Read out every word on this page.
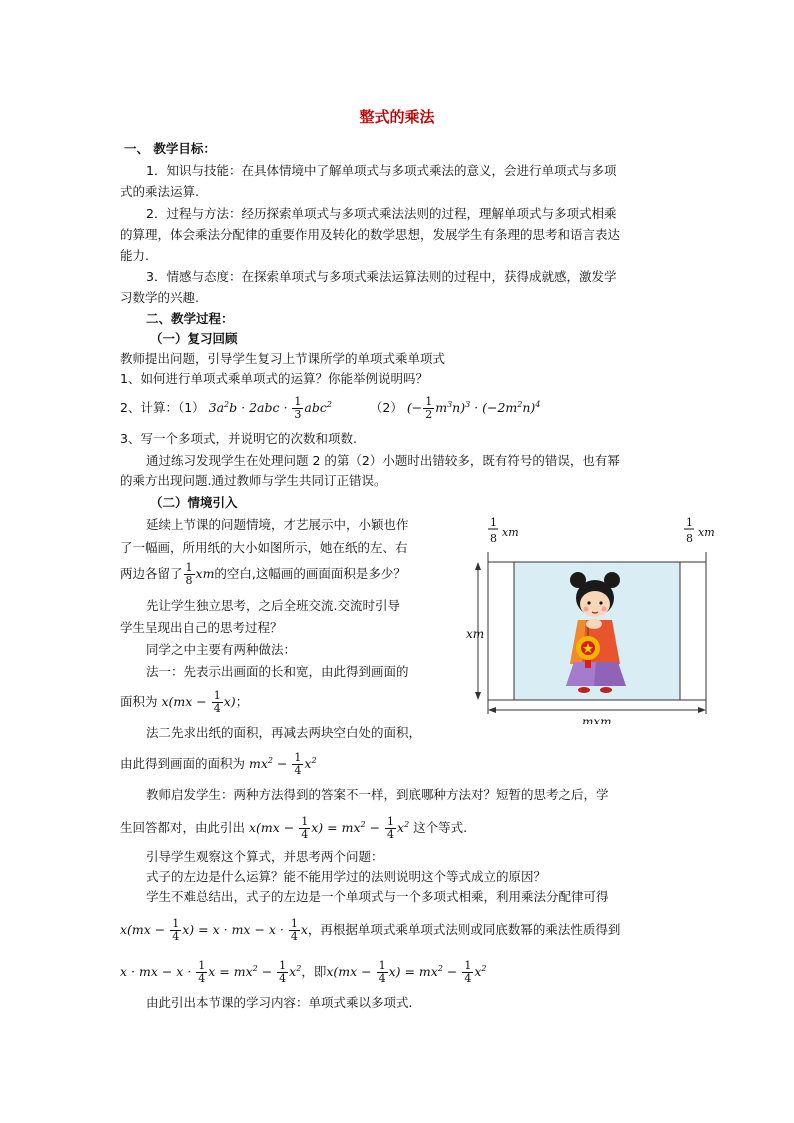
整式的乘法
一、 教学目标：
1．知识与技能：在具体情境中了解单项式与多项式乘法的意义，会进行单项式与多项
式的乘法运算.
2．过程与方法：经历探索单项式与多项式乘法法则的过程，理解单项式与多项式相乘
的算理，体会乘法分配律的重要作用及转化的数学思想，发展学生有条理的思考和语言表达
能力.
3．情感与态度：在探索单项式与多项式乘法运算法则的过程中，获得成就感，激发学
习数学的兴趣.
二、教学过程：
（一）复习回顾
教师提出问题，引导学生复习上节课所学的单项式乘单项式
1、如何进行单项式乘单项式的运算？你能举例说明吗？
2、计算：（1） $3a^2b \cdot 2abc \cdot \frac{1}{3} abc^2$	（2） (− $\frac{1}{2} m^3n)^3 \cdot (-2m^2n)^4$
3、写一个多项式，并说明它的次数和项数.
通过练习发现学生在处理问题 2 的第（2）小题时出错较多，既有符号的错误，也有幂
的乘方出现问题.通过教师与学生共同订正错误。
（二）情境引入
延续上节课的问题情境，才艺展示中，小颖也作
了一幅画，所用纸的大小如图所示，她在纸的左、右
两边各留了 $\frac{1}{8}$ xm的空白,这幅画的画面面积是多少？
先让学生独立思考，之后全班交流.交流时引导
学生呈现出自己的思考过程？
同学之中主要有两种做法：
法一：先表示出画面的长和宽，由此得到画面的
面积为 $x(mx - \frac{1}{4} x)$；
法二先求出纸的面积，再减去两块空白处的面积，
由此得到画面的面积为 $mx^2 - \frac{1}{4} x^2$
教师启发学生：两种方法得到的答案不一样，到底哪种方法对？短暂的思考之后，学
生回答都对，由此引出 $x(mx - \frac{1}{4} x) = mx^2 - \frac{1}{4} x^2$ 这个等式.
引导学生观察这个算式，并思考两个问题：
式子的左边是什么运算？能不能用学过的法则说明这个等式成立的原因？
学生不难总结出，式子的左边是一个单项式与一个多项式相乘，利用乘法分配律可得
$x(mx - \frac{1}{4} x) = x$ · mx − $x \cdot \frac{1}{4}$ x，再根据单项式乘单项式法则或同底数幂的乘法性质得到
x · mx − $x \cdot \frac{1}{4}$ $x = mx^2 - \frac{1}{4} x^2$，即$x(mx - \frac{1}{4} x) = mx^2 - \frac{1}{4} x^2$
由此引出本节课的学习内容：单项式乘以多项式.
xm
mxm
1
8 xm
1
8 xm
